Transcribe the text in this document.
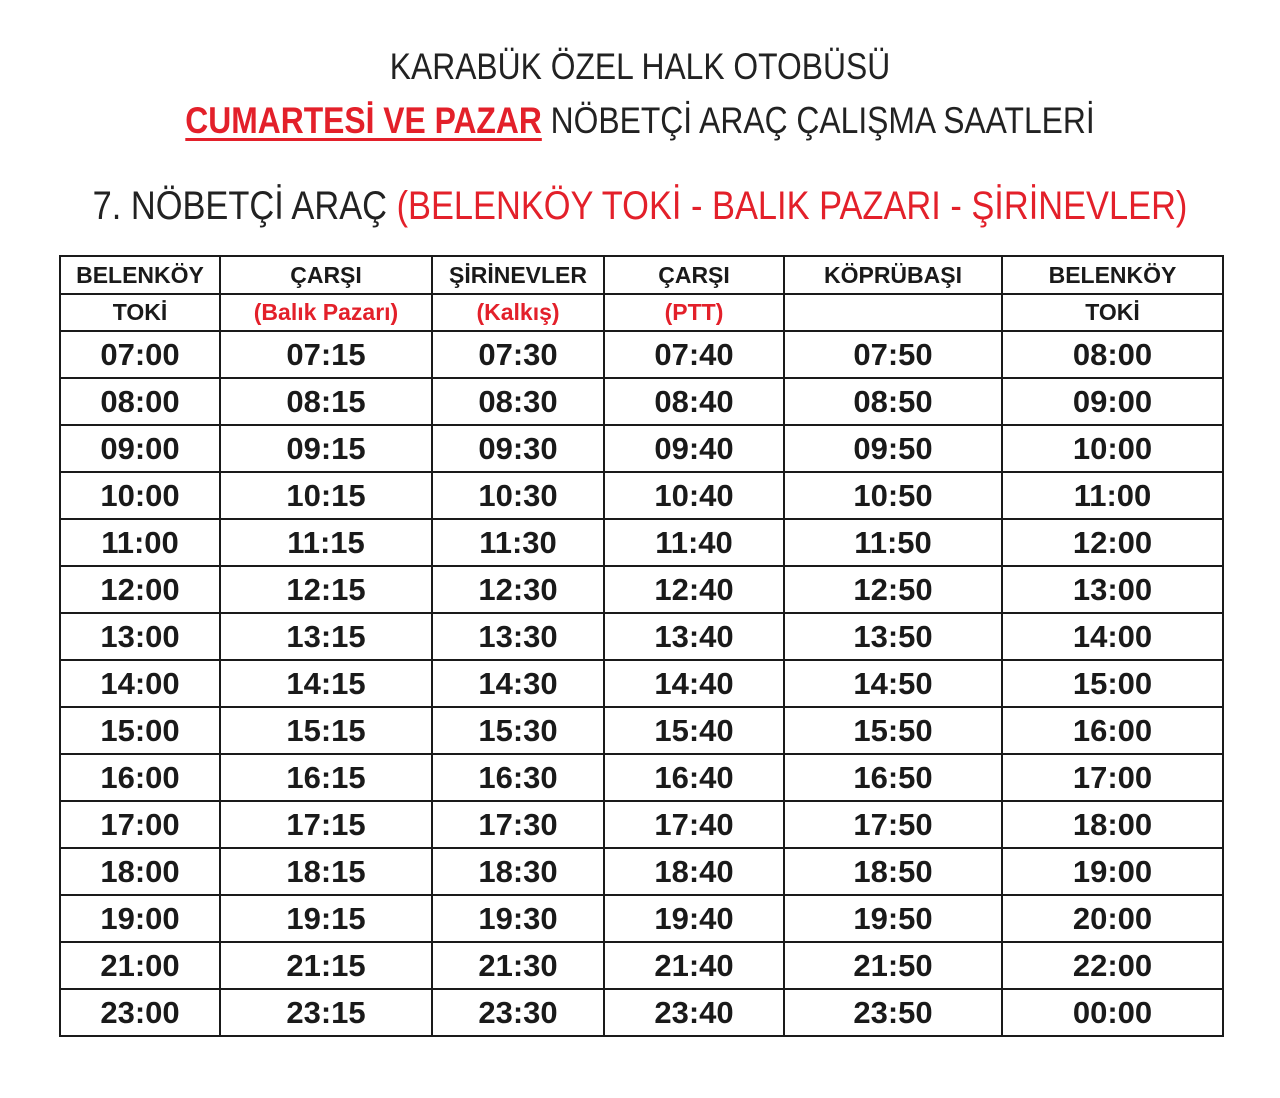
KARABÜK ÖZEL HALK OTOBÜSÜ
CUMARTESİ VE PAZAR NÖBETÇİ ARAÇ ÇALIŞMA SAATLERİ
7. NÖBETÇİ ARAÇ (BELENKÖY TOKİ - BALIK PAZARI - ŞİRİNEVLER)
BELENKÖY	ÇARŞI	ŞİRİNEVLER	ÇARŞI	KÖPRÜBAŞI	BELENKÖY
TOKİ	(Balık Pazarı)	(Kalkış)	(PTT)		TOKİ
07:00	07:15	07:30	07:40	07:50	08:00
08:00	08:15	08:30	08:40	08:50	09:00
09:00	09:15	09:30	09:40	09:50	10:00
10:00	10:15	10:30	10:40	10:50	11:00
11:00	11:15	11:30	11:40	11:50	12:00
12:00	12:15	12:30	12:40	12:50	13:00
13:00	13:15	13:30	13:40	13:50	14:00
14:00	14:15	14:30	14:40	14:50	15:00
15:00	15:15	15:30	15:40	15:50	16:00
16:00	16:15	16:30	16:40	16:50	17:00
17:00	17:15	17:30	17:40	17:50	18:00
18:00	18:15	18:30	18:40	18:50	19:00
19:00	19:15	19:30	19:40	19:50	20:00
21:00	21:15	21:30	21:40	21:50	22:00
23:00	23:15	23:30	23:40	23:50	00:00
